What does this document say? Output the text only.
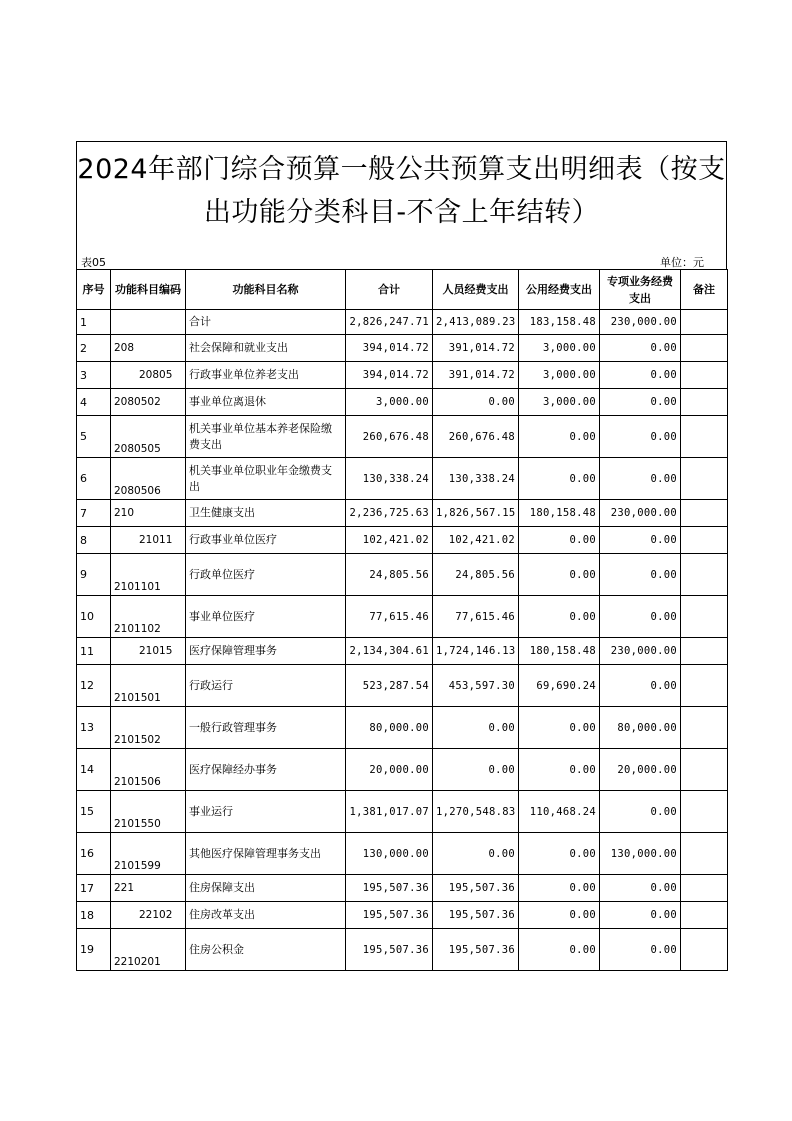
2024年部门综合预算一般公共预算支出明细表（按支出功能分类科目-不含上年结转）
表05	单位：元
序号	功能科目编码	功能科目名称	合计	人员经费支出	公用经费支出	专项业务经费支出	备注
1		合计	2,826,247.71	2,413,089.23	183,158.48	230,000.00	
2	208	社会保障和就业支出	394,014.72	391,014.72	3,000.00	0.00	
3	20805	行政事业单位养老支出	394,014.72	391,014.72	3,000.00	0.00	
4	2080502	事业单位离退休	3,000.00	0.00	3,000.00	0.00	
5	2080505	机关事业单位基本养老保险缴费支出	260,676.48	260,676.48	0.00	0.00	
6	2080506	机关事业单位职业年金缴费支出	130,338.24	130,338.24	0.00	0.00	
7	210	卫生健康支出	2,236,725.63	1,826,567.15	180,158.48	230,000.00	
8	21011	行政事业单位医疗	102,421.02	102,421.02	0.00	0.00	
9	2101101	行政单位医疗	24,805.56	24,805.56	0.00	0.00	
10	2101102	事业单位医疗	77,615.46	77,615.46	0.00	0.00	
11	21015	医疗保障管理事务	2,134,304.61	1,724,146.13	180,158.48	230,000.00	
12	2101501	行政运行	523,287.54	453,597.30	69,690.24	0.00	
13	2101502	一般行政管理事务	80,000.00	0.00	0.00	80,000.00	
14	2101506	医疗保障经办事务	20,000.00	0.00	0.00	20,000.00	
15	2101550	事业运行	1,381,017.07	1,270,548.83	110,468.24	0.00	
16	2101599	其他医疗保障管理事务支出	130,000.00	0.00	0.00	130,000.00	
17	221	住房保障支出	195,507.36	195,507.36	0.00	0.00	
18	22102	住房改革支出	195,507.36	195,507.36	0.00	0.00	
19	2210201	住房公积金	195,507.36	195,507.36	0.00	0.00	
